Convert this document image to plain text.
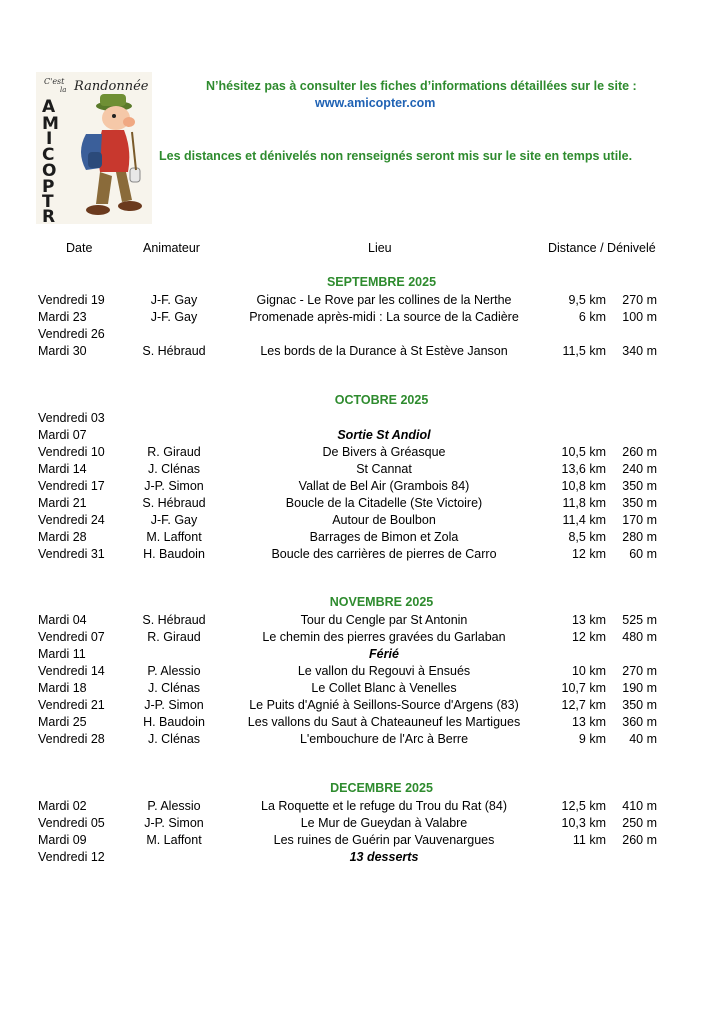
C'est
la Randonnée
A
M
I
C
O
P
T
R
N’hésitez pas à consulter les fiches d’informations détaillées sur le site :
www.amicopter.com
Les distances et dénivelés non renseignés seront mis sur le site en temps utile.
Date	Animateur	Lieu	Distance / Dénivelé
SEPTEMBRE 2025
Vendredi 19	J-F. Gay	Gignac - Le Rove par les collines de la Nerthe	9,5 km	270 m
Mardi 23	J-F. Gay	Promenade après-midi : La source de la Cadière	6 km	100 m
Vendredi 26
Mardi 30	S. Hébraud	Les bords de la Durance à St Estève Janson	11,5 km	340 m
OCTOBRE 2025
Vendredi 03
Mardi 07	Sortie St Andiol
Vendredi 10	R. Giraud	De Bivers à Gréasque	10,5 km	260 m
Mardi 14	J. Clénas	St Cannat	13,6 km	240 m
Vendredi 17	J-P. Simon	Vallat de Bel Air (Grambois 84)	10,8 km	350 m
Mardi 21	S. Hébraud	Boucle de la Citadelle (Ste Victoire)	11,8 km	350 m
Vendredi 24	J-F. Gay	Autour de Boulbon	11,4 km	170 m
Mardi 28	M. Laffont	Barrages de Bimon et Zola	8,5 km	280 m
Vendredi 31	H. Baudoin	Boucle des carrières de pierres de Carro	12 km	60 m
NOVEMBRE 2025
Mardi 04	S. Hébraud	Tour du Cengle par St Antonin	13 km	525 m
Vendredi 07	R. Giraud	Le chemin des pierres gravées du Garlaban	12 km	480 m
Mardi 11	Férié
Vendredi 14	P. Alessio	Le vallon du Regouvi à Ensués	10 km	270 m
Mardi 18	J. Clénas	Le Collet Blanc à Venelles	10,7 km	190 m
Vendredi 21	J-P. Simon	Le Puits d'Agnié à Seillons-Source d'Argens (83)	12,7 km	350 m
Mardi 25	H. Baudoin	Les vallons du Saut à Chateauneuf les Martigues	13 km	360 m
Vendredi 28	J. Clénas	L'embouchure de l'Arc à Berre	9 km	40 m
DECEMBRE 2025
Mardi 02	P. Alessio	La Roquette et le refuge du Trou du Rat (84)	12,5 km	410 m
Vendredi 05	J-P. Simon	Le Mur de Gueydan à Valabre	10,3 km	250 m
Mardi 09	M. Laffont	Les ruines de Guérin par Vauvenargues	11 km	260 m
Vendredi 12	13 desserts
